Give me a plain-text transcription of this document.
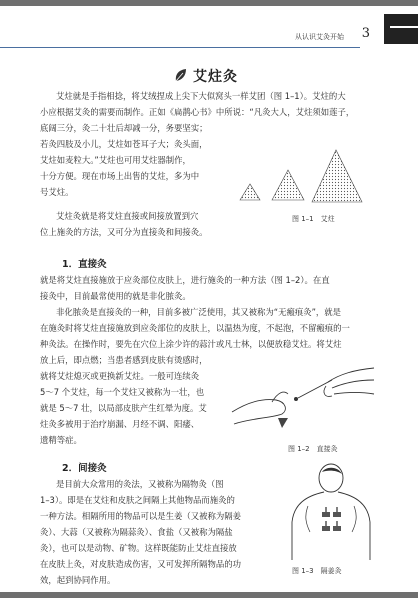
从认识艾灸开始 3
艾炷灸
艾炷就是手指相捻，将艾绒捏成上尖下大似窝头一样艾团（图 1–1）。艾炷的大
小应根据艾灸的需要而制作。正如《扁鹊心书》中所说：“凡灸大人，艾炷须如莲子，
底阔三分，灸二十壮后却减一分，务要坚实；
若灸四肢及小儿，艾炷如苍耳子大；灸头面，
艾炷如麦粒大。”艾炷也可用艾炷器制作，
十分方便。现在市场上出售的艾炷，多为中
号艾炷。
艾炷灸就是将艾炷直接或间接放置到穴
位上施灸的方法，又可分为直接灸和间接灸。
图 1–1　艾炷
1．直接灸
就是将艾炷直接施放于应灸部位皮肤上，进行施灸的一种方法（图 1–2）。在直
接灸中，目前最常使用的就是非化脓灸。
非化脓灸是直接灸的一种，目前多被广泛使用，其又被称为“无瘢痕灸”，就是
在施灸时将艾炷直接施放到应灸部位的皮肤上，以温热为度，不起泡，不留瘢痕的一
种灸法。在操作时，要先在穴位上涂少许的蒜汁或凡士林，以便放稳艾炷。将艾炷
放上后，即点燃；当患者感到皮肤有烫感时，
就将艾炷熄灭或更换新艾炷。一般可连续灸
5～7 个艾炷，每一个艾炷又被称为一壮，也
就是 5～7 壮，以局部皮肤产生红晕为度。艾
炷灸多被用于治疗崩漏、月经不调、阳痿、
遗精等症。
图 1–2　直接灸
2．间接灸
是目前大众常用的灸法，又被称为隔物灸（图
1–3）。即是在艾炷和皮肤之间隔上其他物品而施灸的
一种方法。相隔所用的物品可以是生姜（又被称为隔姜
灸）、大蒜（又被称为隔蒜灸）、食盐（又被称为隔盐
灸），也可以是动物、矿物。这样既能防止艾炷直接放
在皮肤上灸，对皮肤造成伤害，又可发挥所隔物品的功
效，起到协同作用。
图 1–3　隔姜灸
